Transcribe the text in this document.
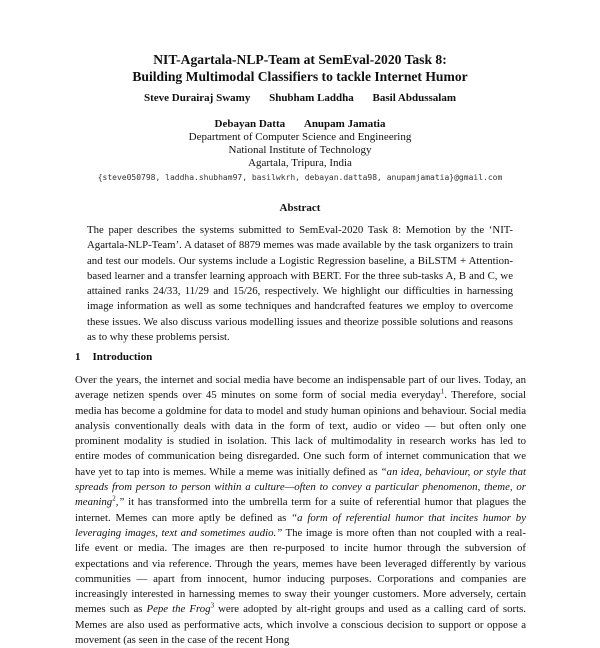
NIT-Agartala-NLP-Team at SemEval-2020 Task 8:
Building Multimodal Classifiers to tackle Internet Humor
Steve Durairaj Swamy Shubham Laddha Basil Abdussalam
Debayan Datta Anupam Jamatia
Department of Computer Science and Engineering
National Institute of Technology
Agartala, Tripura, India
{steve050798, laddha.shubham97, basilwkrh, debayan.datta98, anupamjamatia}@gmail.com
Abstract

The paper describes the systems submitted to SemEval-2020 Task 8: Memotion by the ‘NIT-Agartala-NLP-Team’. A dataset of 8879 memes was made available by the task organizers to train and test our models. Our systems include a Logistic Regression baseline, a BiLSTM + Attention-based learner and a transfer learning approach with BERT. For the three sub-tasks A, B and C, we attained ranks 24/33, 11/29 and 15/26, respectively. We highlight our difficulties in harnessing image information as well as some techniques and handcrafted features we employ to overcome these issues. We also discuss various modelling issues and theorize possible solutions and reasons as to why these problems persist.

1 Introduction

Over the years, the internet and social media have become an indispensable part of our lives. Today, an average netizen spends over 45 minutes on some form of social media everyday$^1$. Therefore, social media has become a goldmine for data to model and study human opinions and behaviour. Social media analysis conventionally deals with data in the form of text, audio or video — but often only one prominent modality is studied in isolation. This lack of multimodality in research works has led to entire modes of communication being disregarded. One such form of internet communication that we have yet to tap into is memes. While a meme was initially defined as “an idea, behaviour, or style that spreads from person to person within a culture—often to convey a particular phenomenon, theme, or meaning$^2$,” it has transformed into the umbrella term for a suite of referential humor that plagues the internet. Memes can more aptly be defined as “a form of referential humor that incites humor by leveraging images, text and sometimes audio.” The image is more often than not coupled with a real-life event or media. The images are then re-purposed to incite humor through the subversion of expectations and via reference. Through the years, memes have been leveraged differently by various communities — apart from innocent, humor inducing purposes. Corporations and companies are increasingly interested in harnessing memes to sway their younger customers. More adversely, certain memes such as Pepe the Frog$^3$ were adopted by alt-right groups and used as a calling card of sorts. Memes are also used as performative acts, which involve a conscious decision to support or oppose a movement (as seen in the case of the recent Hong
